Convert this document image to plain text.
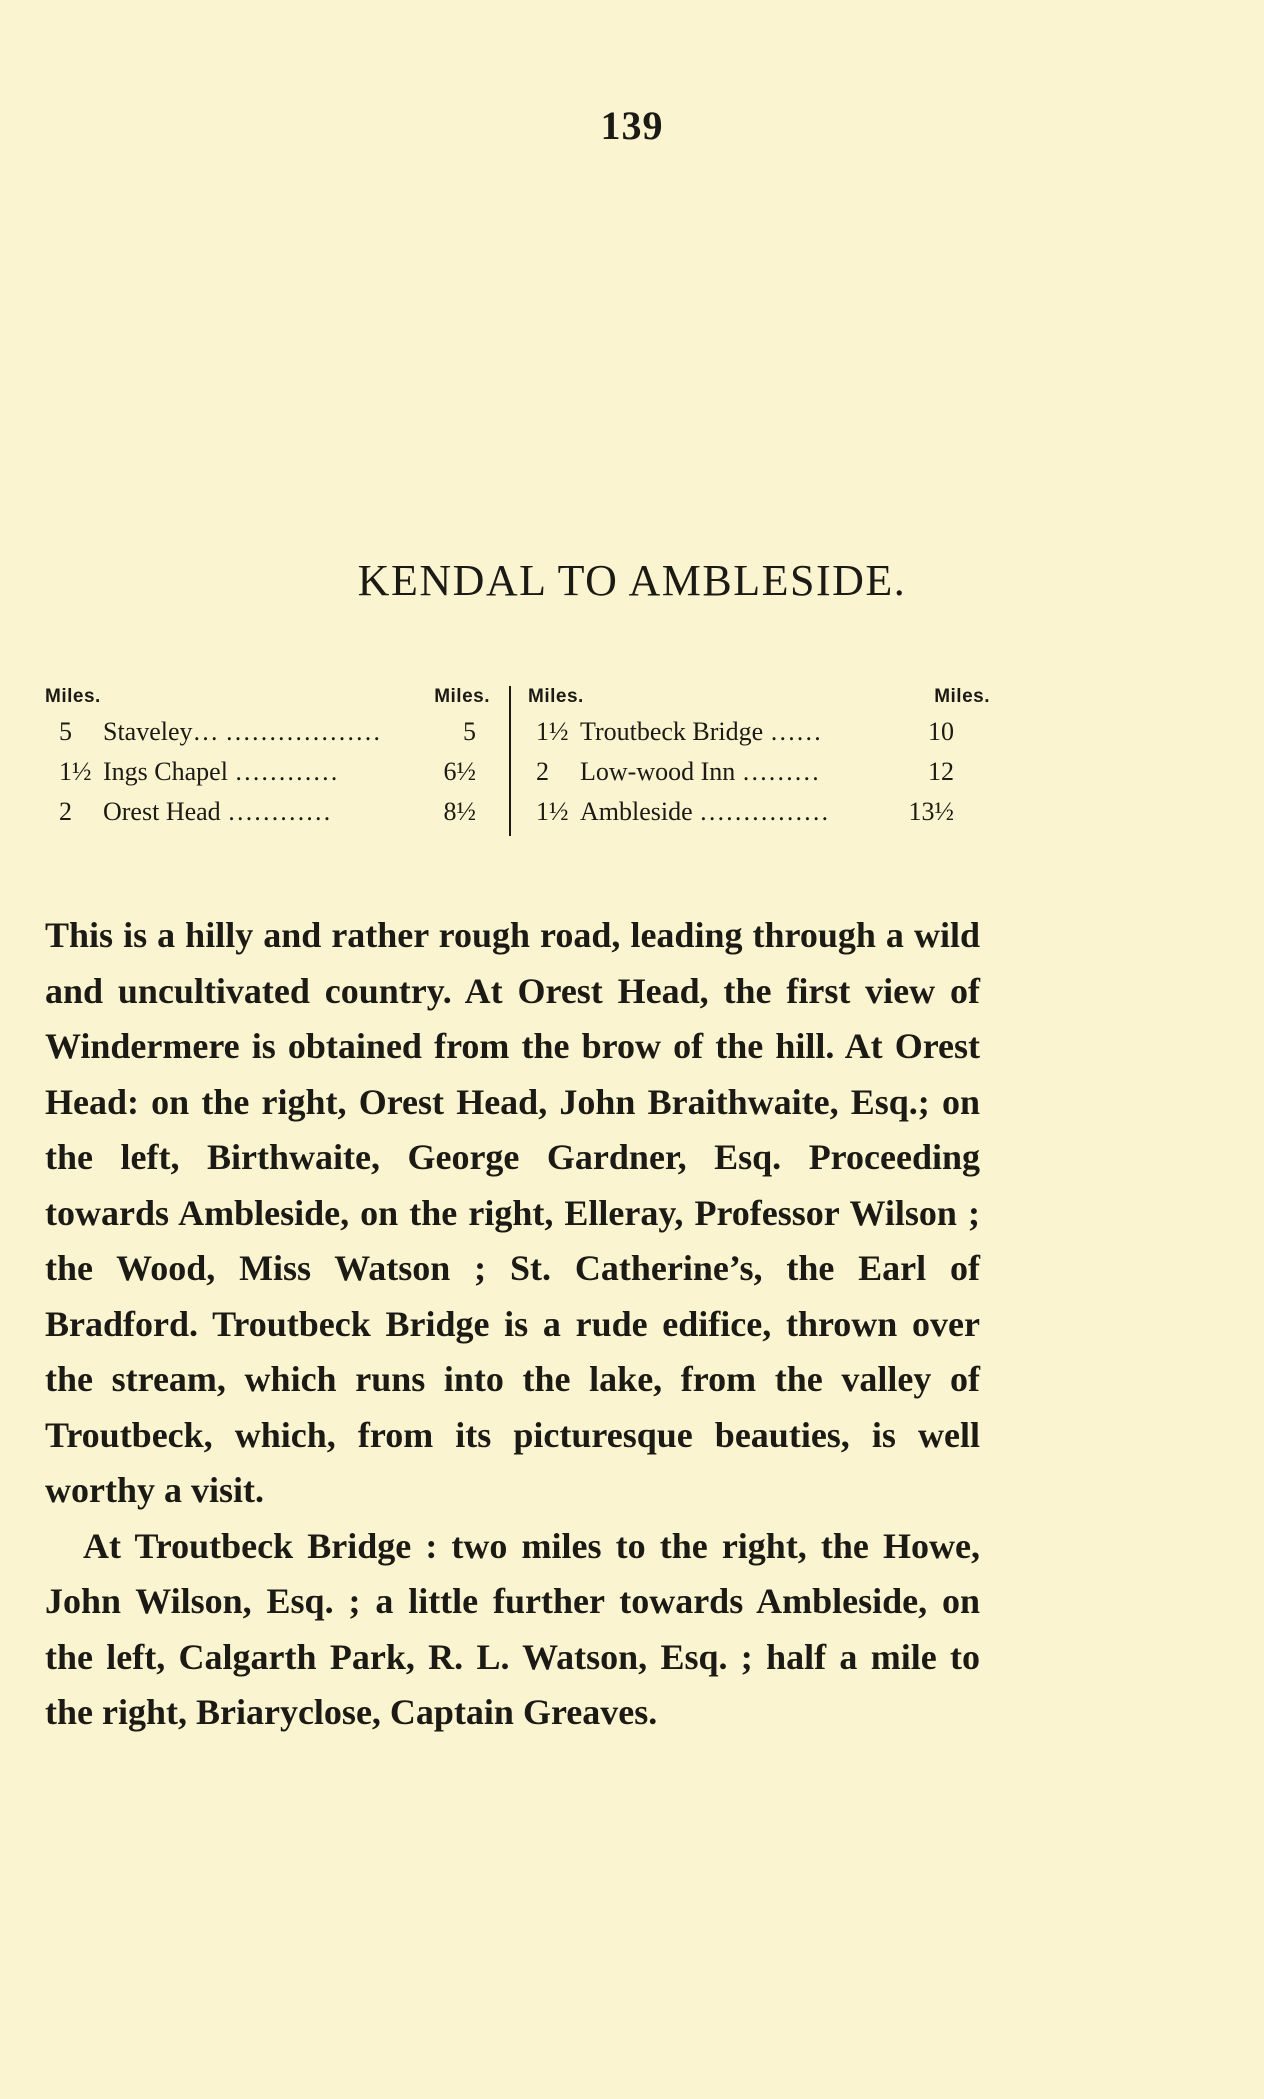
139
KENDAL TO AMBLESIDE.
Miles.	Miles.
5 Staveley… ………………	5
1½ Ings Chapel …………	6½
2 Orest Head …………	8½
Miles.	Miles.
1½ Troutbeck Bridge ……	10
2 Low-wood Inn ………	12
1½ Ambleside ……………	13½

This is a hilly and rather rough road, leading through a wild and uncultivated country. At Orest Head, the first view of Windermere is obtained from the brow of the hill. At Orest Head: on the right, Orest Head, John Braithwaite, Esq.; on the left, Birthwaite, George Gardner, Esq. Proceeding towards Ambleside, on the right, Elleray, Professor Wilson ; the Wood, Miss Watson ; St. Catherine’s, the Earl of Bradford. Troutbeck Bridge is a rude edifice, thrown over the stream, which runs into the lake, from the valley of Troutbeck, which, from its picturesque beauties, is well worthy a visit.

At Troutbeck Bridge : two miles to the right, the Howe, John Wilson, Esq. ; a little further towards Ambleside, on the left, Calgarth Park, R. L. Watson, Esq. ; half a mile to the right, Briaryclose, Captain Greaves.
